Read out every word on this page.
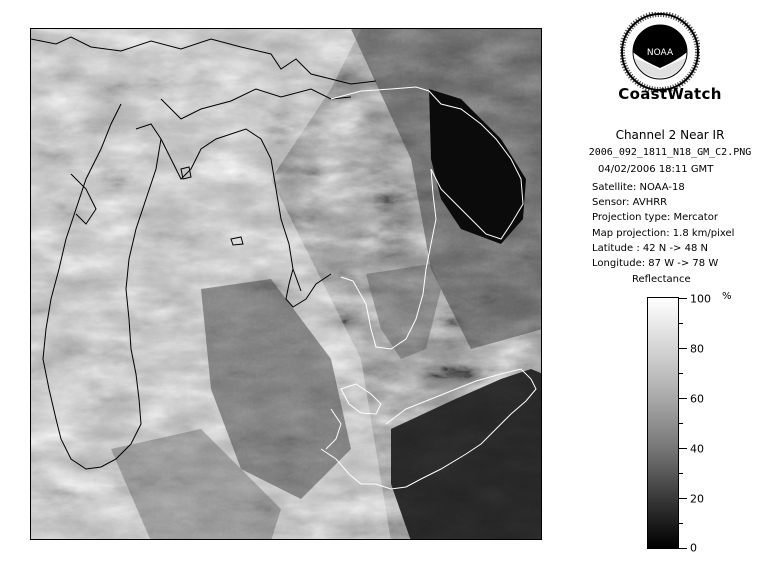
NOAA
CoastWatch
Channel 2 Near IR
2006_092_1811_N18_GM_C2.PNG
04/02/2006 18:11 GMT
Satellite: NOAA-18
Sensor: AVHRR
Projection type: Mercator
Map projection: 1.8 km/pixel
Latitude : 42 N -> 48 N
Longitude: 87 W -> 78 W
Reflectance
%
100
80
60
40
20
0
